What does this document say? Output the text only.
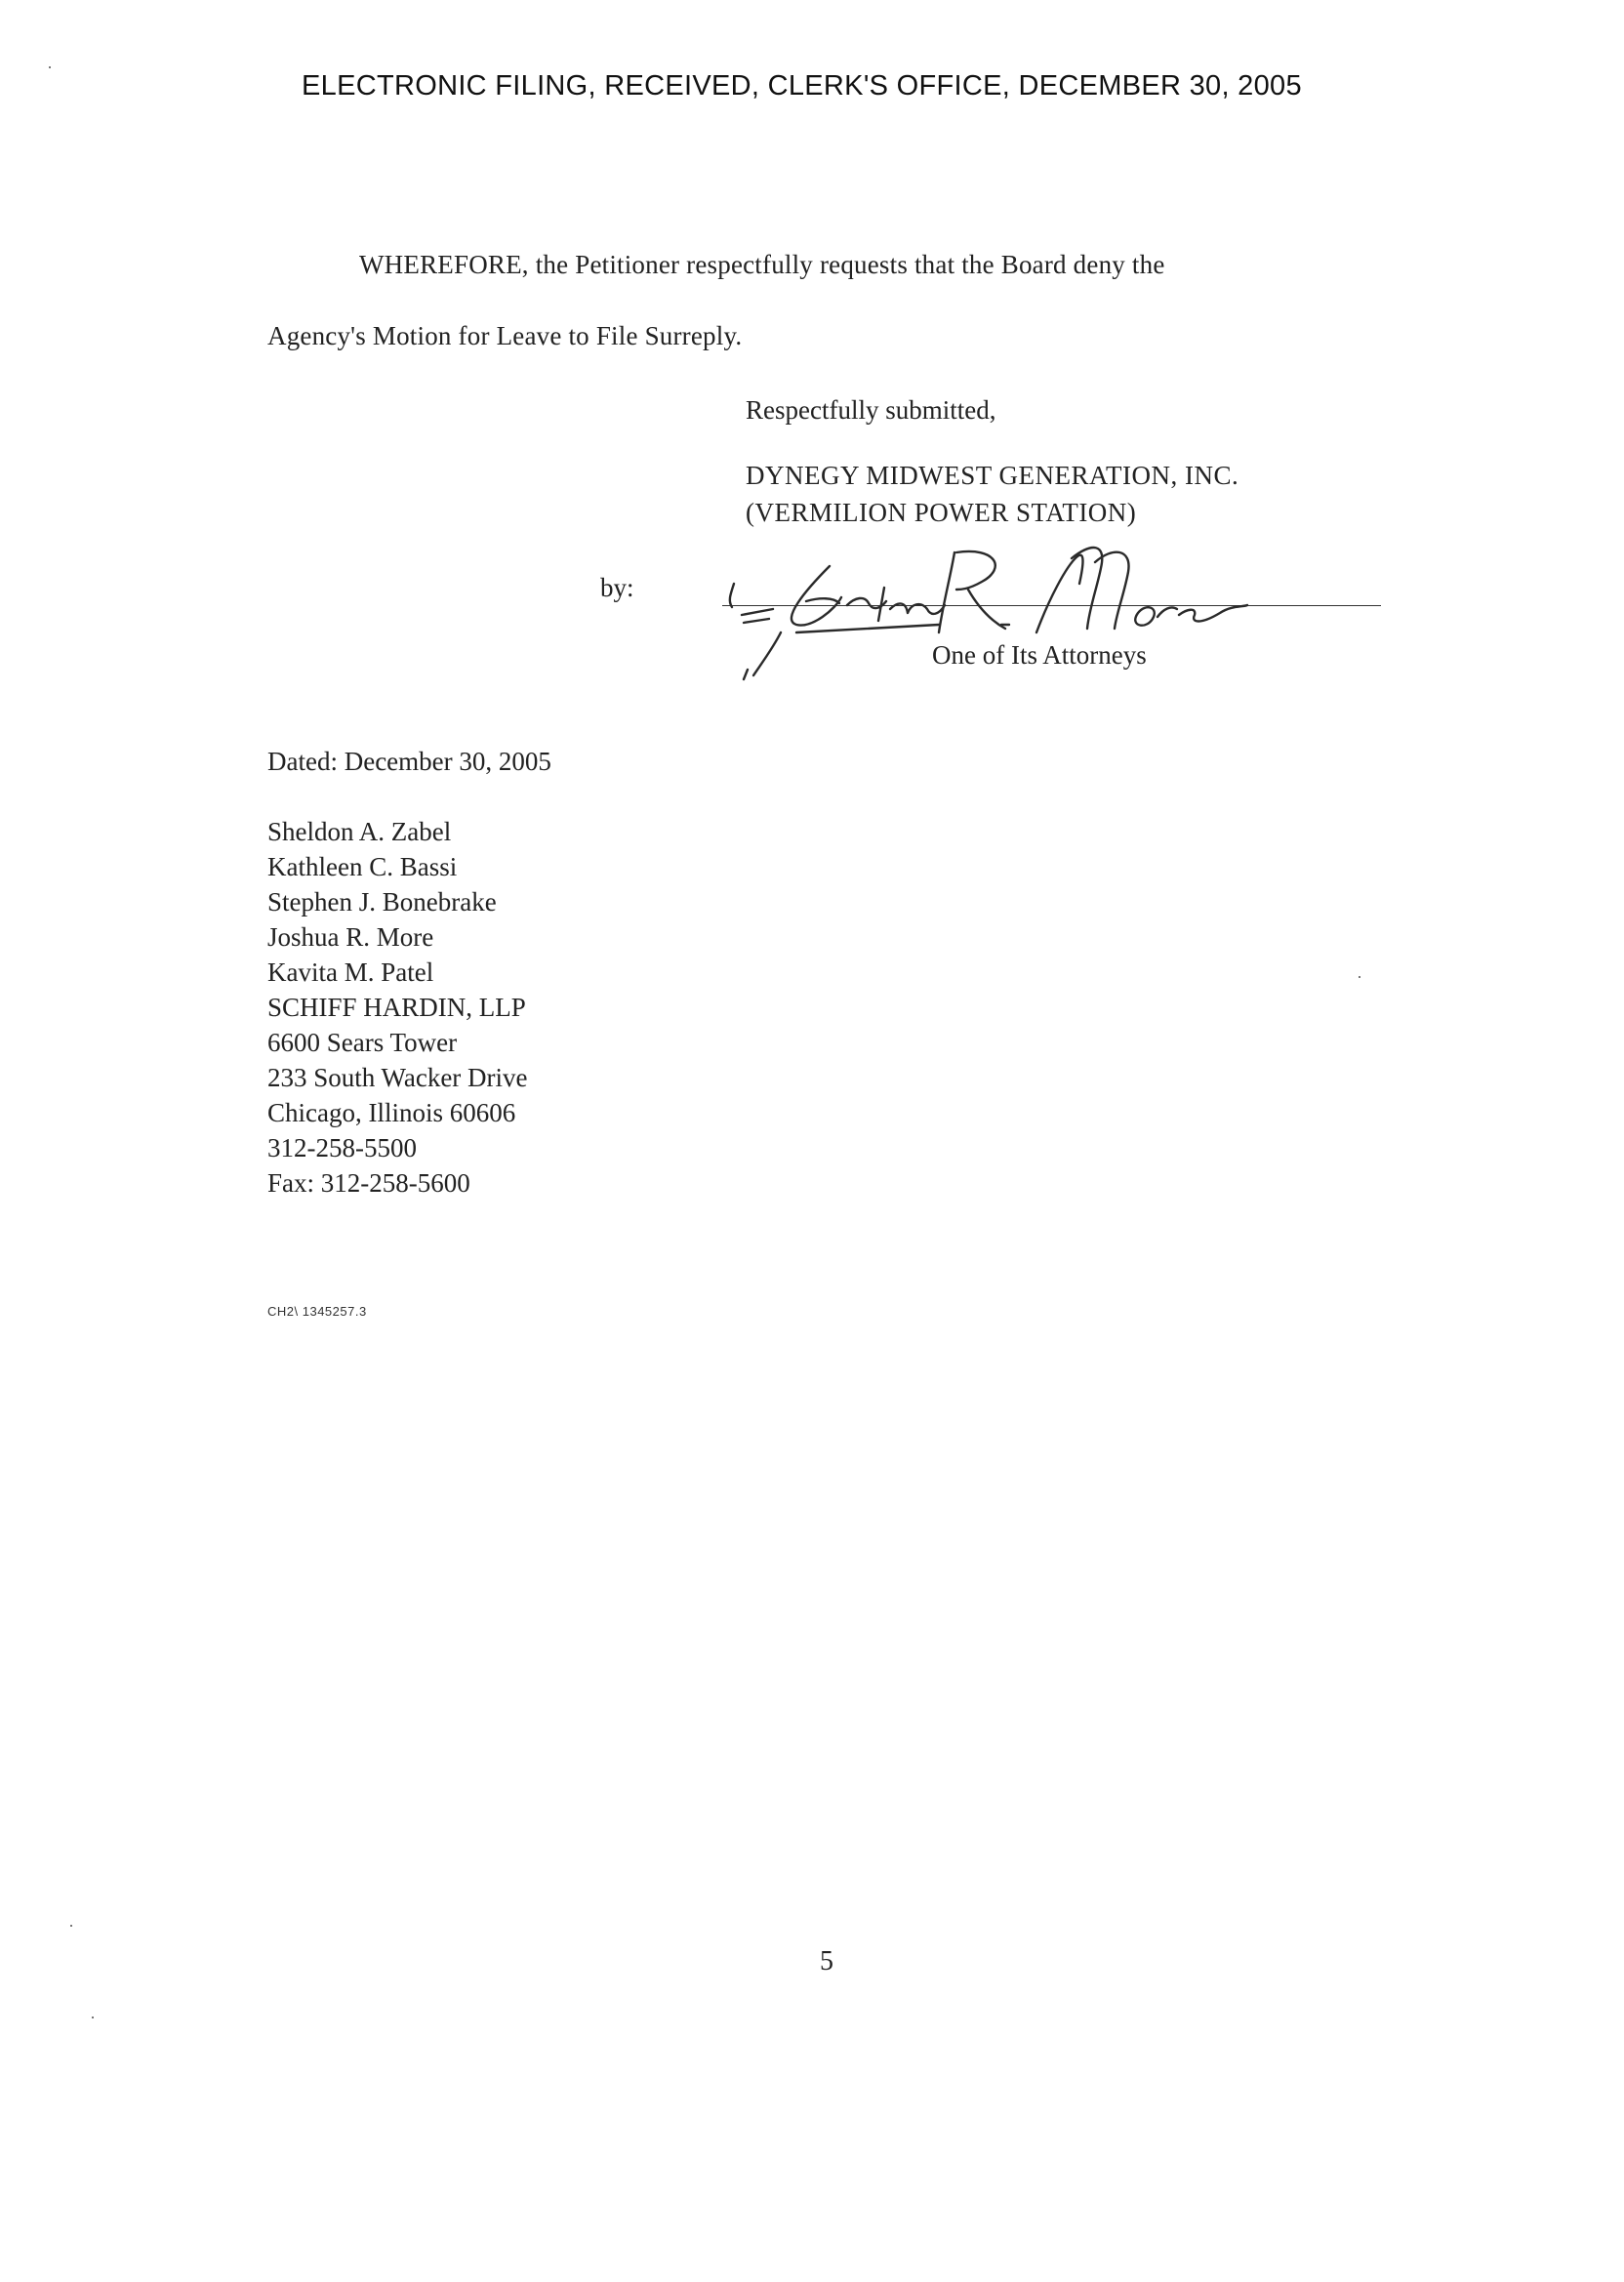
ELECTRONIC FILING, RECEIVED, CLERK'S OFFICE, DECEMBER 30, 2005
WHEREFORE, the Petitioner respectfully requests that the Board deny the
Agency's Motion for Leave to File Surreply.
Respectfully submitted,
DYNEGY MIDWEST GENERATION, INC.
(VERMILION POWER STATION)
by:
One of Its Attorneys
Dated: December 30, 2005
Sheldon A. Zabel
Kathleen C. Bassi
Stephen J. Bonebrake
Joshua R. More
Kavita M. Patel
SCHIFF HARDIN, LLP
6600 Sears Tower
233 South Wacker Drive
Chicago, Illinois 60606
312-258-5500
Fax: 312-258-5600
CH2\ 1345257.3
5
